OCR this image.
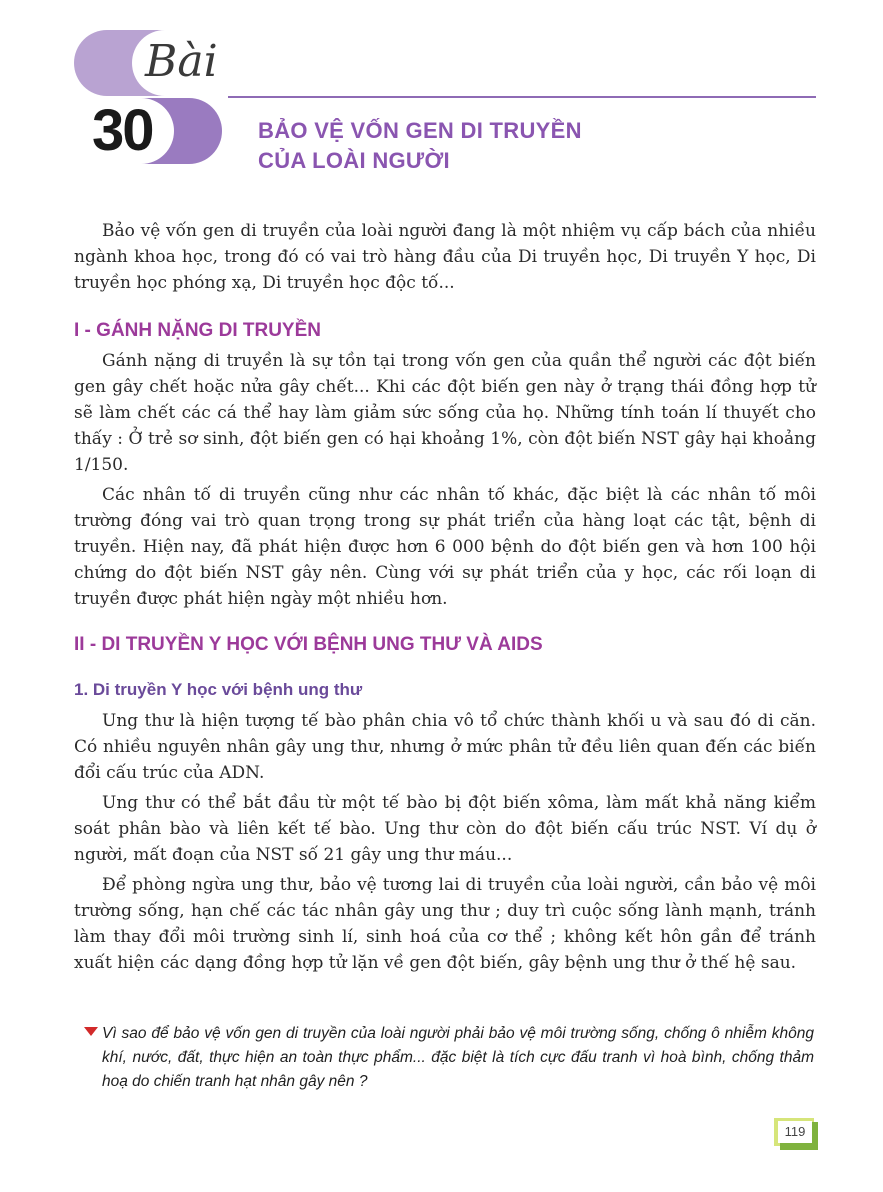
Bài
30	BẢO VỆ VỐN GEN DI TRUYỀN
CỦA LOÀI NGƯỜI

Bảo vệ vốn gen di truyền của loài người đang là một nhiệm vụ cấp bách của nhiều ngành khoa học, trong đó có vai trò hàng đầu của Di truyền học, Di truyền Y học, Di truyền học phóng xạ, Di truyền học độc tố...

I - GÁNH NẶNG DI TRUYỀN

Gánh nặng di truyền là sự tồn tại trong vốn gen của quần thể người các đột biến gen gây chết hoặc nửa gây chết... Khi các đột biến gen này ở trạng thái đồng hợp tử sẽ làm chết các cá thể hay làm giảm sức sống của họ. Những tính toán lí thuyết cho thấy : Ở trẻ sơ sinh, đột biến gen có hại khoảng 1%, còn đột biến NST gây hại khoảng 1/150.

Các nhân tố di truyền cũng như các nhân tố khác, đặc biệt là các nhân tố môi trường đóng vai trò quan trọng trong sự phát triển của hàng loạt các tật, bệnh di truyền. Hiện nay, đã phát hiện được hơn 6 000 bệnh do đột biến gen và hơn 100 hội chứng do đột biến NST gây nên. Cùng với sự phát triển của y học, các rối loạn di truyền được phát hiện ngày một nhiều hơn.

II - DI TRUYỀN Y HỌC VỚI BỆNH UNG THƯ VÀ AIDS
1. Di truyền Y học với bệnh ung thư

Ung thư là hiện tượng tế bào phân chia vô tổ chức thành khối u và sau đó di căn. Có nhiều nguyên nhân gây ung thư, nhưng ở mức phân tử đều liên quan đến các biến đổi cấu trúc của ADN.

Ung thư có thể bắt đầu từ một tế bào bị đột biến xôma, làm mất khả năng kiểm soát phân bào và liên kết tế bào. Ung thư còn do đột biến cấu trúc NST. Ví dụ ở người, mất đoạn của NST số 21 gây ung thư máu...

Để phòng ngừa ung thư, bảo vệ tương lai di truyền của loài người, cần bảo vệ môi trường sống, hạn chế các tác nhân gây ung thư ; duy trì cuộc sống lành mạnh, tránh làm thay đổi môi trường sinh lí, sinh hoá của cơ thể ; không kết hôn gần để tránh xuất hiện các dạng đồng hợp tử lặn về gen đột biến, gây bệnh ung thư ở thế hệ sau.

Vì sao để bảo vệ vốn gen di truyền của loài người phải bảo vệ môi trường sống, chống ô nhiễm không khí, nước, đất, thực hiện an toàn thực phẩm... đặc biệt là tích cực đấu tranh vì hoà bình, chống thảm hoạ do chiến tranh hạt nhân gây nên ?

119
